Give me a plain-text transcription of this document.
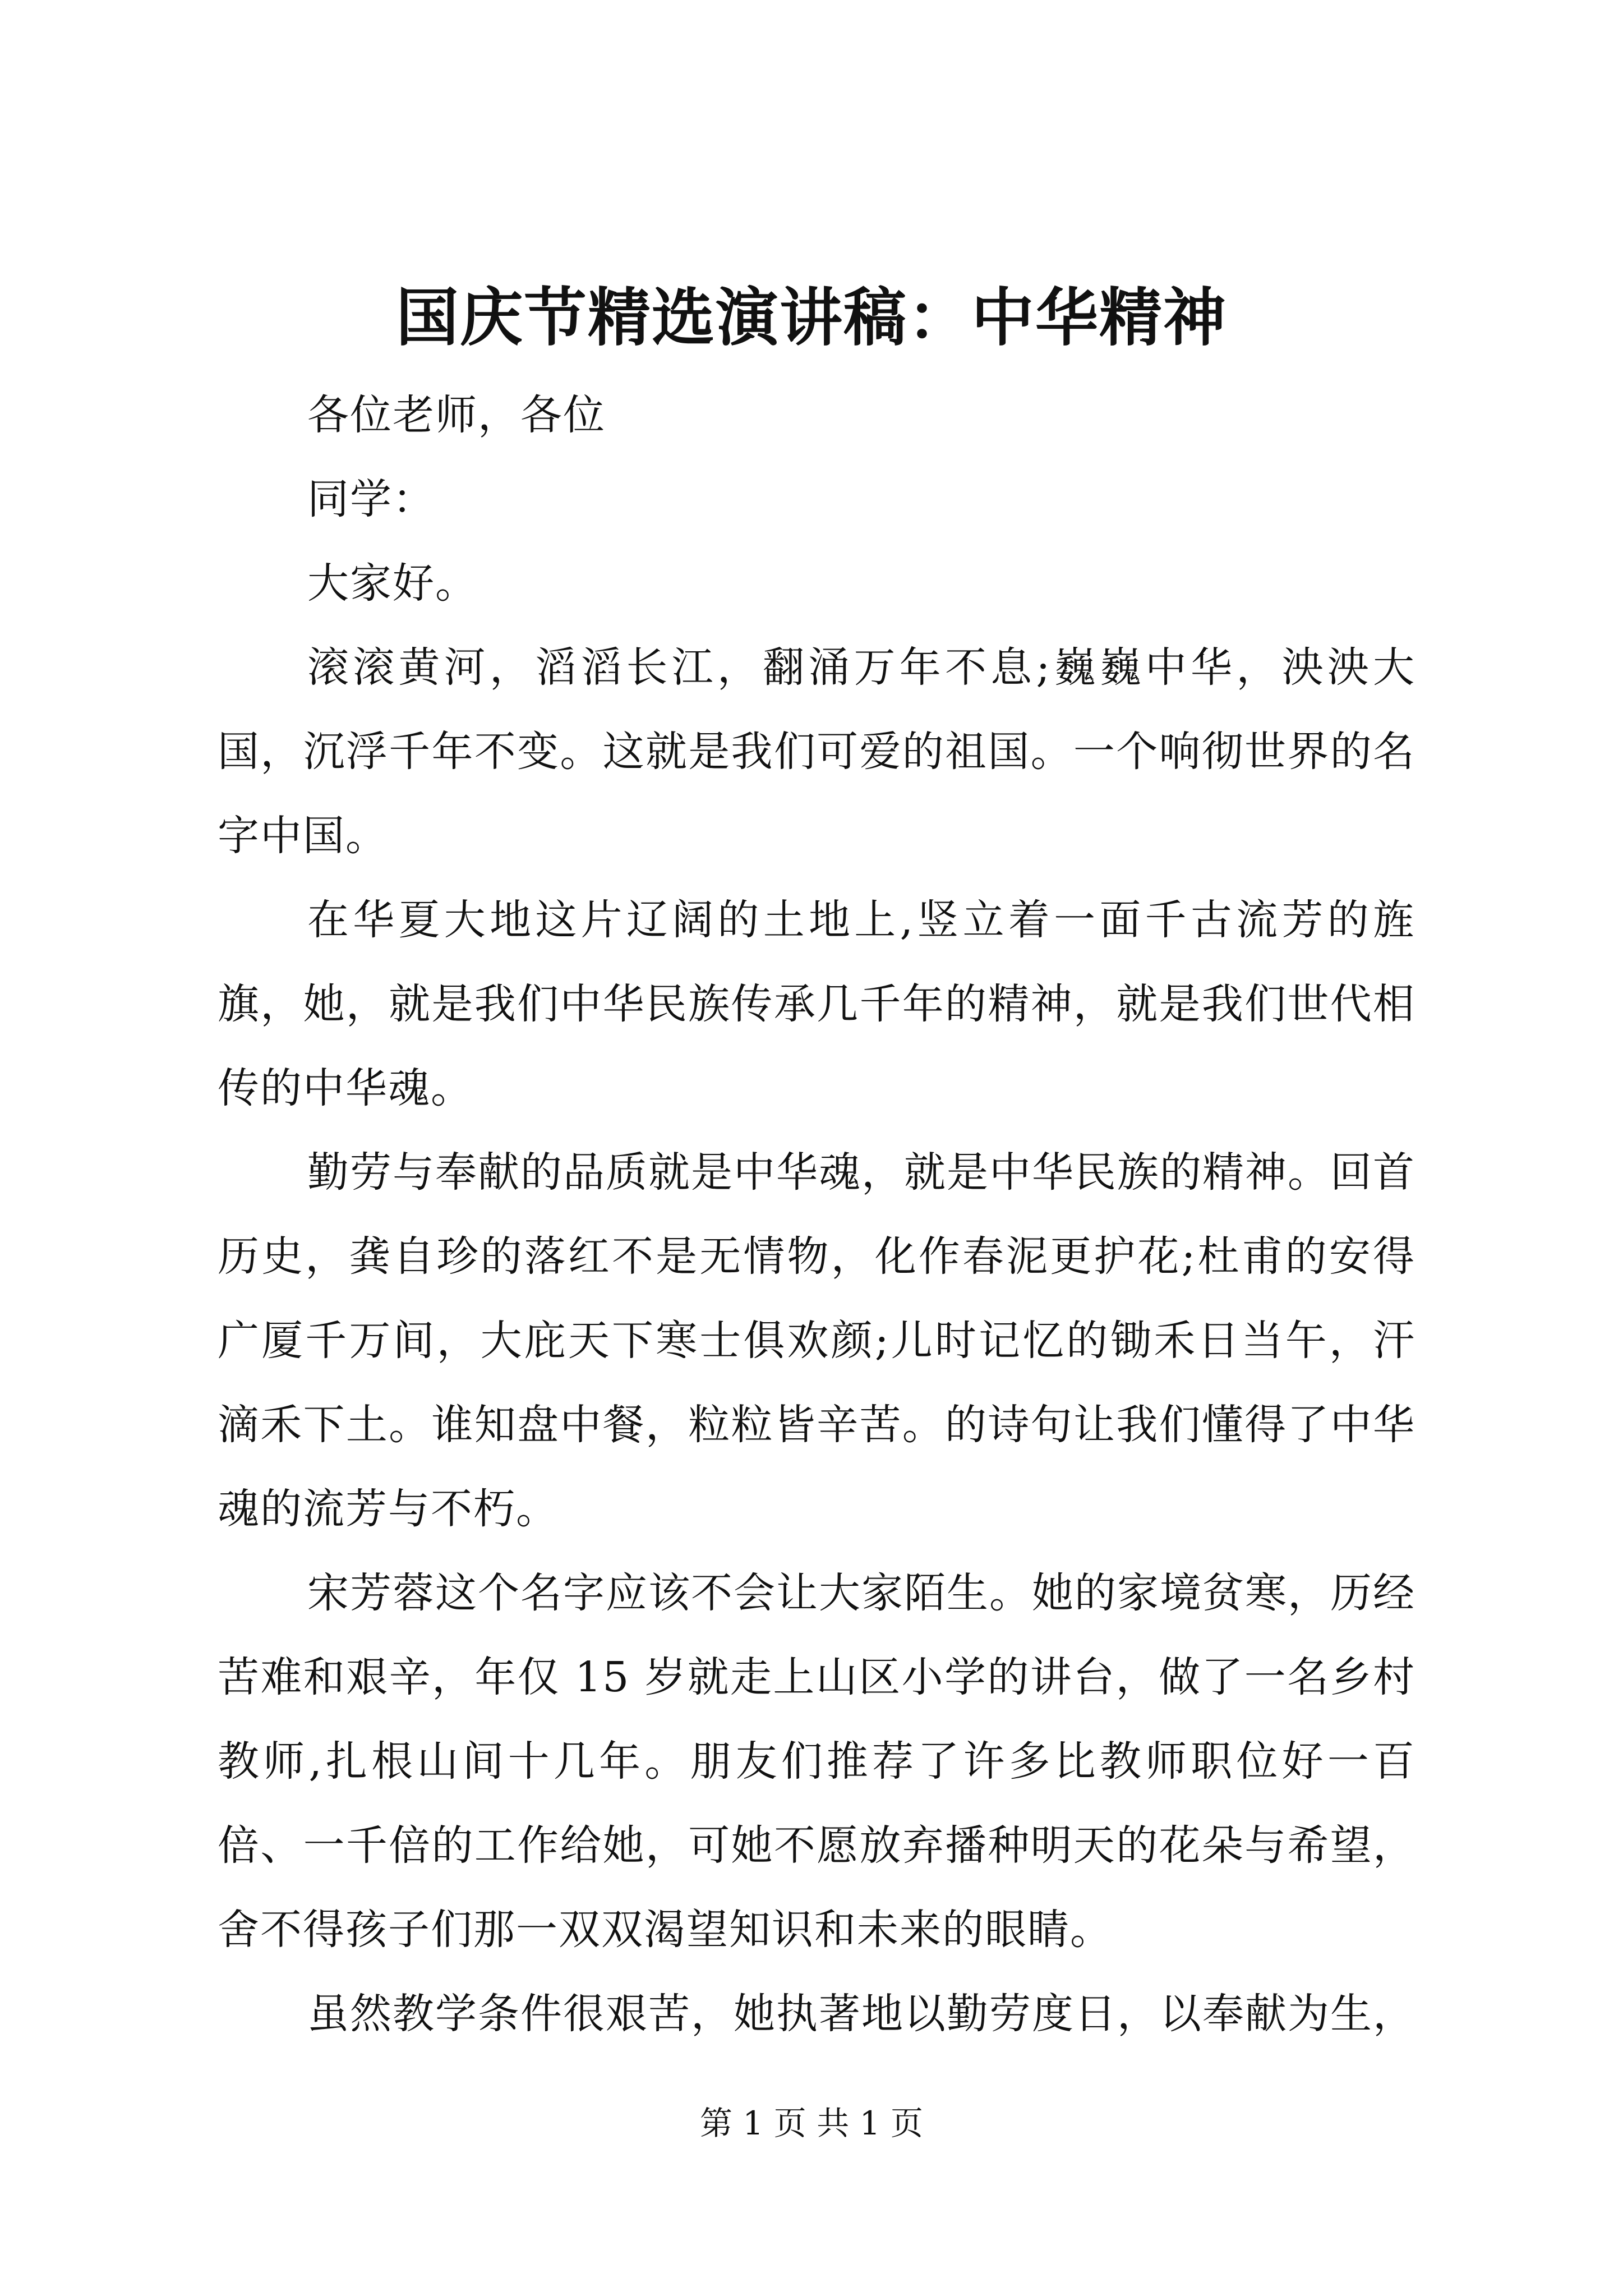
国庆节精选演讲稿：中华精神

各位老师，各位

同学：

大家好。

滚滚黄河，滔滔长江，翻涌万年不息;巍巍中华，泱泱大国，沉浮千年不变。这就是我们可爱的祖国。一个响彻世界的名字中国。

在华夏大地这片辽阔的土地上,竖立着一面千古流芳的旌旗，她，就是我们中华民族传承几千年的精神，就是我们世代相传的中华魂。

勤劳与奉献的品质就是中华魂，就是中华民族的精神。回首历史，龚自珍的落红不是无情物，化作春泥更护花;杜甫的安得广厦千万间，大庇天下寒士俱欢颜;儿时记忆的锄禾日当午，汗滴禾下土。谁知盘中餐，粒粒皆辛苦。的诗句让我们懂得了中华魂的流芳与不朽。

宋芳蓉这个名字应该不会让大家陌生。她的家境贫寒，历经苦难和艰辛，年仅 15 岁就走上山区小学的讲台，做了一名乡村教师,扎根山间十几年。朋友们推荐了许多比教师职位好一百倍、一千倍的工作给她，可她不愿放弃播种明天的花朵与希望，舍不得孩子们那一双双渴望知识和未来的眼睛。

虽然教学条件很艰苦，她执著地以勤劳度日，以奉献为生，

第 1 页 共 1 页
